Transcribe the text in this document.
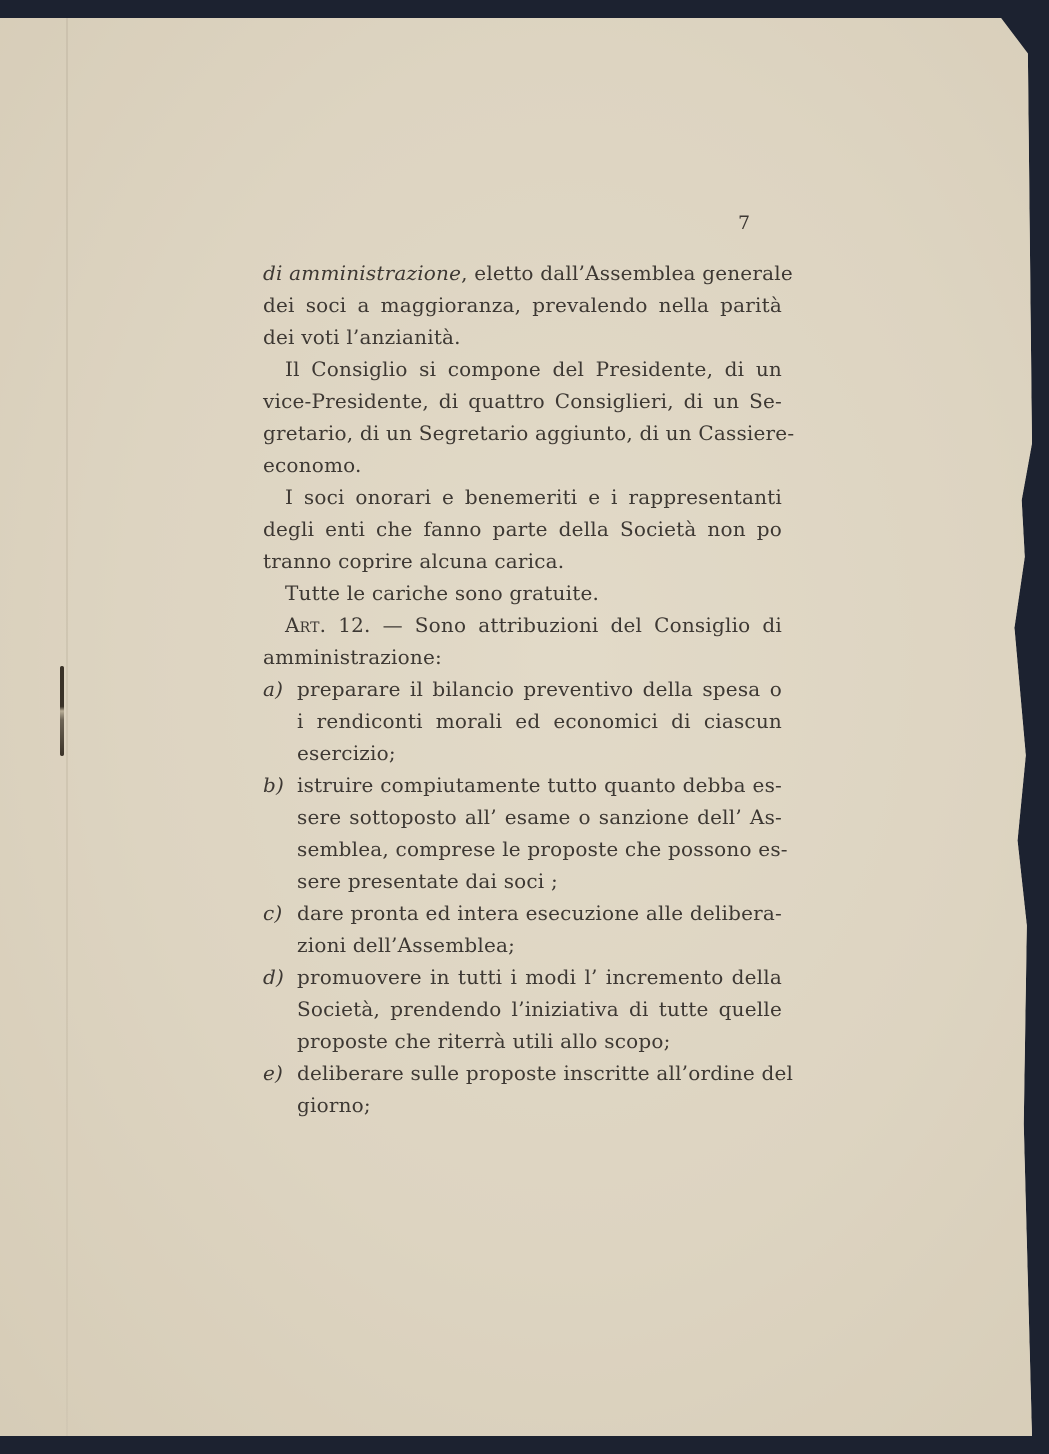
7
di amministrazione, eletto dall’Assemblea generale
dei soci a maggioranza, prevalendo nella parità
dei voti l’anzianità.
Il Consiglio si compone del Presidente, di un
vice-Presidente, di quattro Consiglieri, di un Se-
gretario, di un Segretario aggiunto, di un Cassiere-
economo.
I soci onorari e benemeriti e i rappresentanti
degli enti che fanno parte della Società non po
tranno coprire alcuna carica.
Tutte le cariche sono gratuite.
Art. 12. — Sono attribuzioni del Consiglio di
amministrazione:
a) preparare il bilancio preventivo della spesa o
i rendiconti morali ed economici di ciascun
esercizio;
b) istruire compiutamente tutto quanto debba es-
sere sottoposto all’ esame o sanzione dell’ As-
semblea, comprese le proposte che possono es-
sere presentate dai soci ;
c) dare pronta ed intera esecuzione alle delibera-
zioni dell’Assemblea;
d) promuovere in tutti i modi l’ incremento della
Società, prendendo l’iniziativa di tutte quelle
proposte che riterrà utili allo scopo;
e) deliberare sulle proposte inscritte all’ordine del
giorno;
